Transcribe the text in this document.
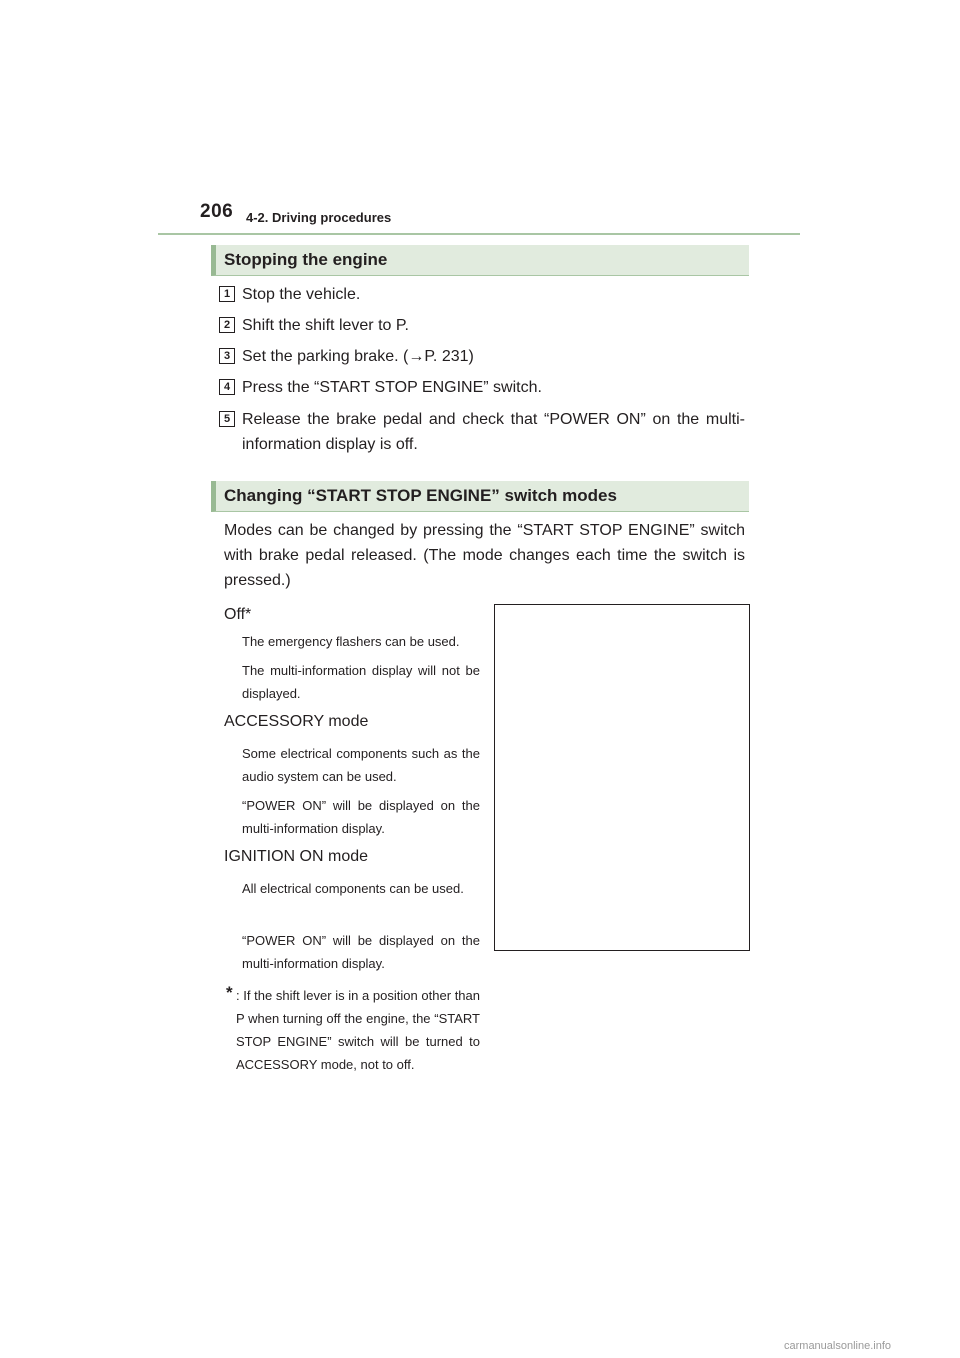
206 4-2. Driving procedures
Stopping the engine
1 Stop the vehicle.
2 Shift the shift lever to P.
3 Set the parking brake. (→P. 231)
4 Press the “START STOP ENGINE” switch.
5 Release the brake pedal and check that “POWER ON” on the multi-information display is off.
Changing “START STOP ENGINE” switch modes
Modes can be changed by pressing the “START STOP ENGINE” switch with brake pedal released. (The mode changes each time the switch is pressed.)
Off*
The emergency flashers can be used.
The multi-information display will not be displayed.
ACCESSORY mode
Some electrical components such as the audio system can be used.
“POWER ON” will be displayed on the multi-information display.
IGNITION ON mode
All electrical components can be used.
“POWER ON” will be displayed on the multi-information display.
* : If the shift lever is in a position other than P when turning off the engine, the “START STOP ENGINE” switch will be turned to ACCESSORY mode, not to off.
carmanualsonline.info
